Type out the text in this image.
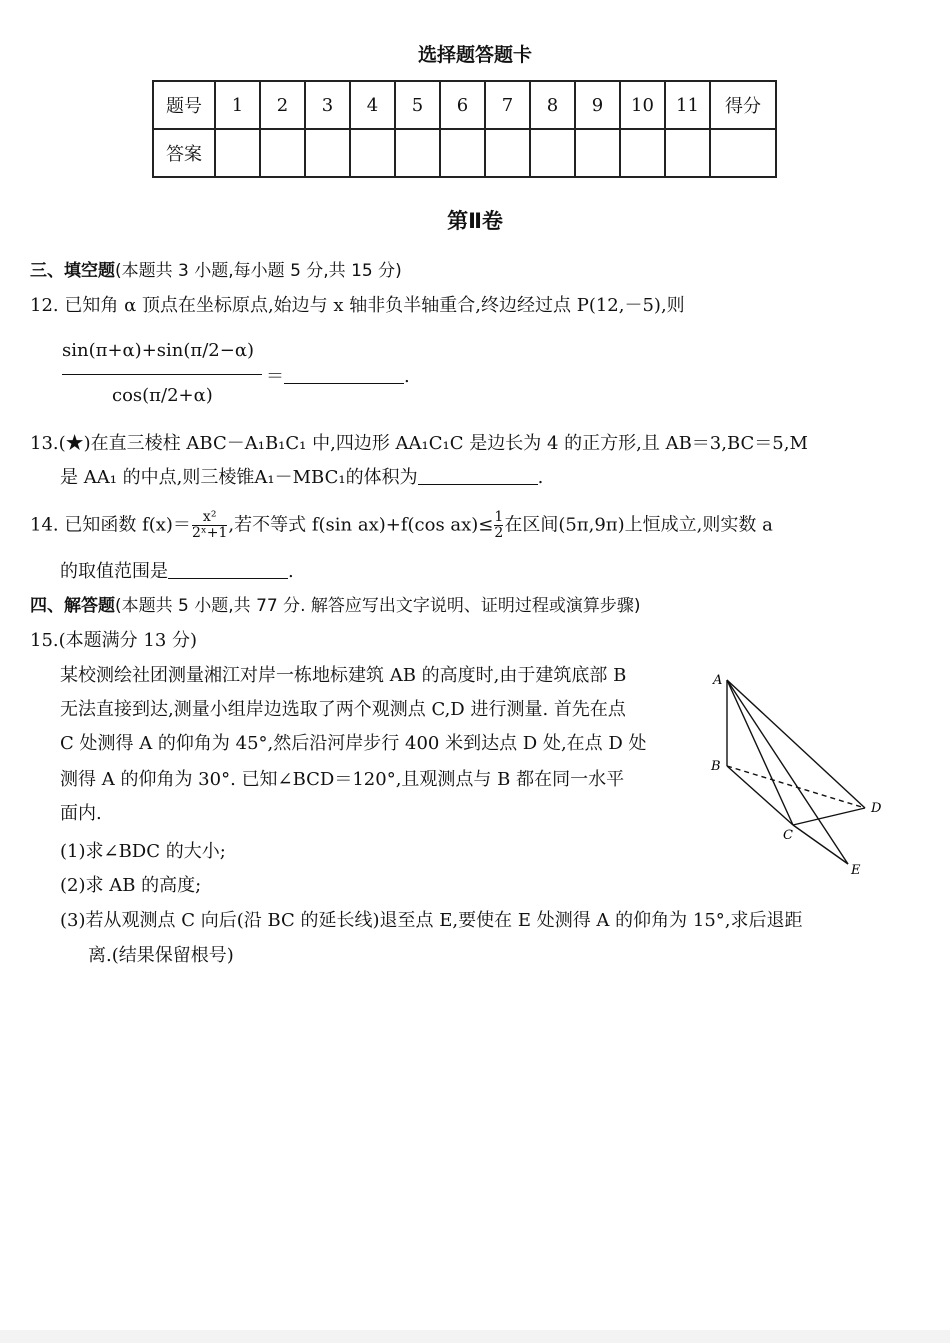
选择题答题卡
题号	1	2	3	4	5	6	7	8	9	10	11	得分
答案												
第Ⅱ卷
三、填空题(本题共 3 小题,每小题 5 分,共 15 分)
12. 已知角 α 顶点在坐标原点,始边与 x 轴非负半轴重合,终边经过点 P(12,－5),则
sin(π+α)+sin(π/2−α)
cos(π/2+α)
＝	.
13.(★)在直三棱柱 ABC－A₁B₁C₁ 中,四边形 AA₁C₁C 是边长为 4 的正方形,且 AB＝3,BC＝5,M
是 AA₁ 的中点,则三棱锥A₁－MBC₁的体积为	.
14. 已知函数 $f(x)= \frac{\text{x²}}{\text{2ˣ+1}}$ ,若不等式 f(sin ax)+f(cos $ax)\le \frac{1}{2}$ 在区间(5π,9π)上恒成立,则实数 a
的取值范围是	.
四、解答题(本题共 5 小题,共 77 分. 解答应写出文字说明、证明过程或演算步骤)
15.(本题满分 13 分)
某校测绘社团测量湘江对岸一栋地标建筑 AB 的高度时,由于建筑底部 B
无法直接到达,测量小组岸边选取了两个观测点 C,D 进行测量. 首先在点
C 处测得 A 的仰角为 45°,然后沿河岸步行 400 米到达点 D 处,在点 D 处
测得 A 的仰角为 30°. 已知∠BCD＝120°,且观测点与 B 都在同一水平
面内.
(1)求∠BDC 的大小;
(2)求 AB 的高度;
(3)若从观测点 C 向后(沿 BC 的延长线)退至点 E,要使在 E 处测得 A 的仰角为 15°,求后退距
离.(结果保留根号)
A
B
C
D
E
